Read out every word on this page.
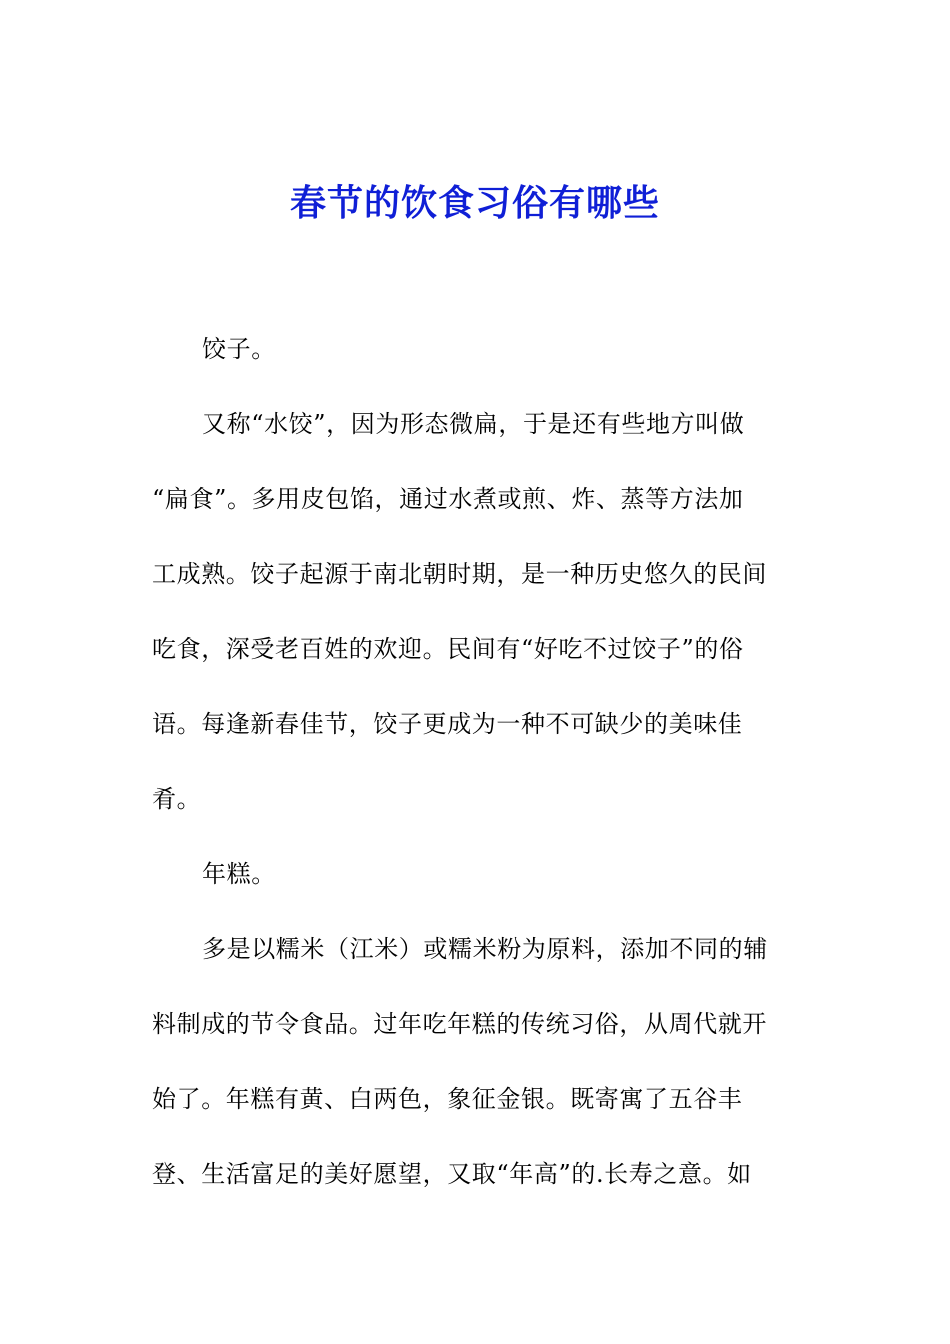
春节的饮食习俗有哪些
饺子。
又称“水饺”，因为形态微扁，于是还有些地方叫做
“扁食”。多用皮包馅，通过水煮或煎、炸、蒸等方法加
工成熟。饺子起源于南北朝时期，是一种历史悠久的民间
吃食，深受老百姓的欢迎。民间有“好吃不过饺子”的俗
语。每逢新春佳节，饺子更成为一种不可缺少的美味佳
肴。
年糕。
多是以糯米（江米）或糯米粉为原料，添加不同的辅
料制成的节令食品。过年吃年糕的传统习俗，从周代就开
始了。年糕有黄、白两色，象征金银。既寄寓了五谷丰
登、生活富足的美好愿望，又取“年高”的.长寿之意。如
